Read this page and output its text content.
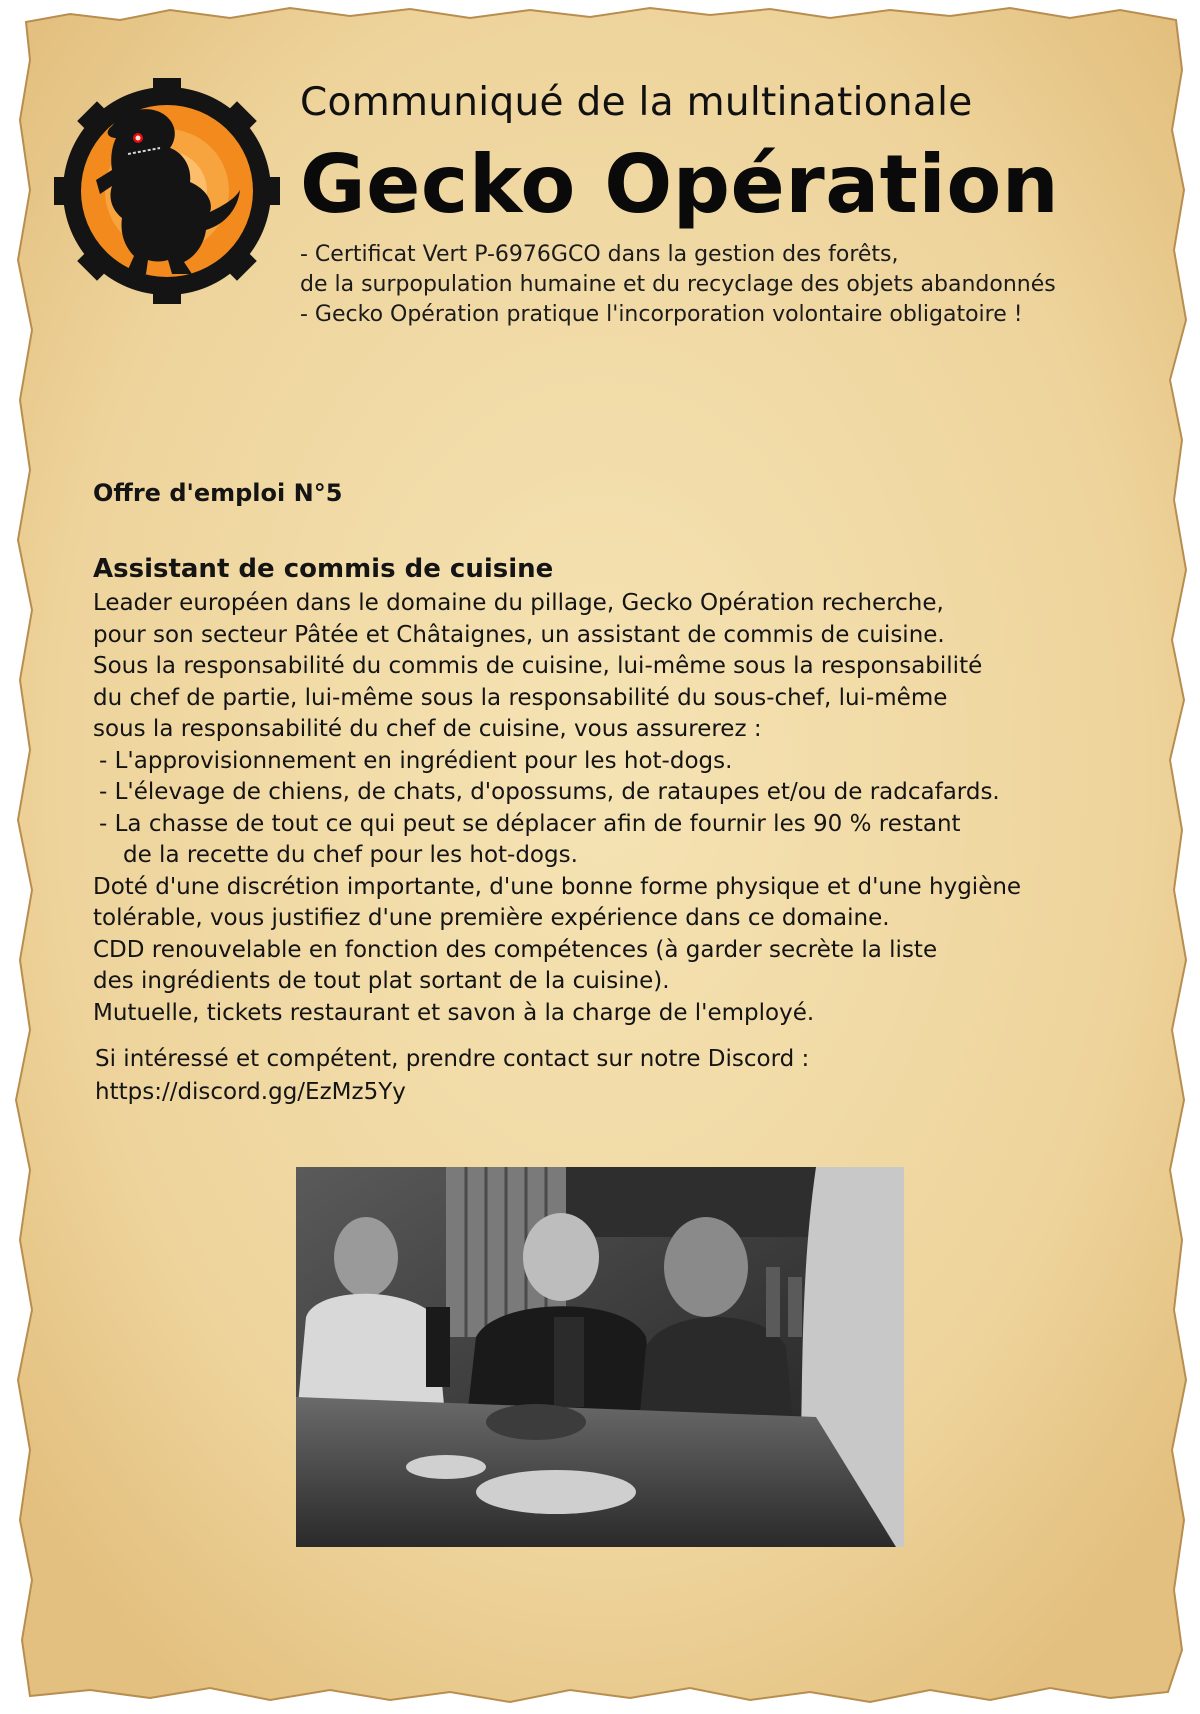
Communiqué de la multinationale
Gecko Opération
- Certificat Vert P-6976GCO dans la gestion des forêts,
de la surpopulation humaine et du recyclage des objets abandonnés
- Gecko Opération pratique l'incorporation volontaire obligatoire !
Offre d'emploi N°5
Assistant de commis de cuisine
Leader européen dans le domaine du pillage, Gecko Opération recherche,
pour son secteur Pâtée et Châtaignes, un assistant de commis de cuisine.
Sous la responsabilité du commis de cuisine, lui-même sous la responsabilité
du chef de partie, lui-même sous la responsabilité du sous-chef, lui-même
sous la responsabilité du chef de cuisine, vous assurerez :
- L'approvisionnement en ingrédient pour les hot-dogs.
- L'élevage de chiens, de chats, d'opossums, de rataupes et/ou de radcafards.
- La chasse de tout ce qui peut se déplacer afin de fournir les 90 % restant
de la recette du chef pour les hot-dogs.
Doté d'une discrétion importante, d'une bonne forme physique et d'une hygiène
tolérable, vous justifiez d'une première expérience dans ce domaine.
CDD renouvelable en fonction des compétences (à garder secrète la liste
des ingrédients de tout plat sortant de la cuisine).
Mutuelle, tickets restaurant et savon à la charge de l'employé.
Si intéressé et compétent, prendre contact sur notre Discord :
https://discord.gg/EzMz5Yy
